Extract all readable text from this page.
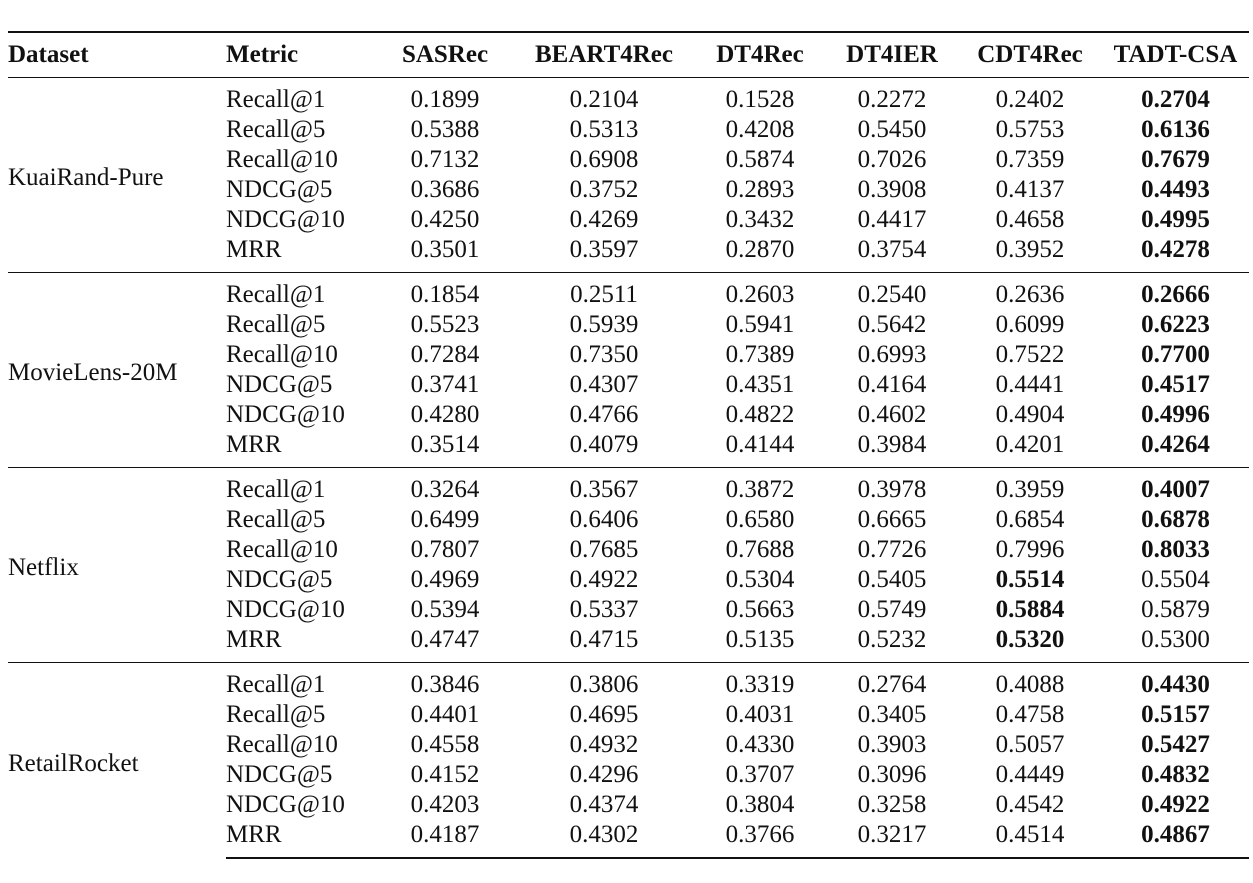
Dataset	Metric	SASRec	BEART4Rec	DT4Rec	DT4IER	CDT4Rec	TADT-CSA
KuaiRand-Pure	Recall@1	0.1899	0.2104	0.1528	0.2272	0.2402	0.2704
	Recall@5	0.5388	0.5313	0.4208	0.5450	0.5753	0.6136
	Recall@10	0.7132	0.6908	0.5874	0.7026	0.7359	0.7679
	NDCG@5	0.3686	0.3752	0.2893	0.3908	0.4137	0.4493
	NDCG@10	0.4250	0.4269	0.3432	0.4417	0.4658	0.4995
	MRR	0.3501	0.3597	0.2870	0.3754	0.3952	0.4278
MovieLens-20M	Recall@1	0.1854	0.2511	0.2603	0.2540	0.2636	0.2666
	Recall@5	0.5523	0.5939	0.5941	0.5642	0.6099	0.6223
	Recall@10	0.7284	0.7350	0.7389	0.6993	0.7522	0.7700
	NDCG@5	0.3741	0.4307	0.4351	0.4164	0.4441	0.4517
	NDCG@10	0.4280	0.4766	0.4822	0.4602	0.4904	0.4996
	MRR	0.3514	0.4079	0.4144	0.3984	0.4201	0.4264
Netflix	Recall@1	0.3264	0.3567	0.3872	0.3978	0.3959	0.4007
	Recall@5	0.6499	0.6406	0.6580	0.6665	0.6854	0.6878
	Recall@10	0.7807	0.7685	0.7688	0.7726	0.7996	0.8033
	NDCG@5	0.4969	0.4922	0.5304	0.5405	0.5514	0.5504
	NDCG@10	0.5394	0.5337	0.5663	0.5749	0.5884	0.5879
	MRR	0.4747	0.4715	0.5135	0.5232	0.5320	0.5300
RetailRocket	Recall@1	0.3846	0.3806	0.3319	0.2764	0.4088	0.4430
	Recall@5	0.4401	0.4695	0.4031	0.3405	0.4758	0.5157
	Recall@10	0.4558	0.4932	0.4330	0.3903	0.5057	0.5427
	NDCG@5	0.4152	0.4296	0.3707	0.3096	0.4449	0.4832
	NDCG@10	0.4203	0.4374	0.3804	0.3258	0.4542	0.4922
	MRR	0.4187	0.4302	0.3766	0.3217	0.4514	0.4867
